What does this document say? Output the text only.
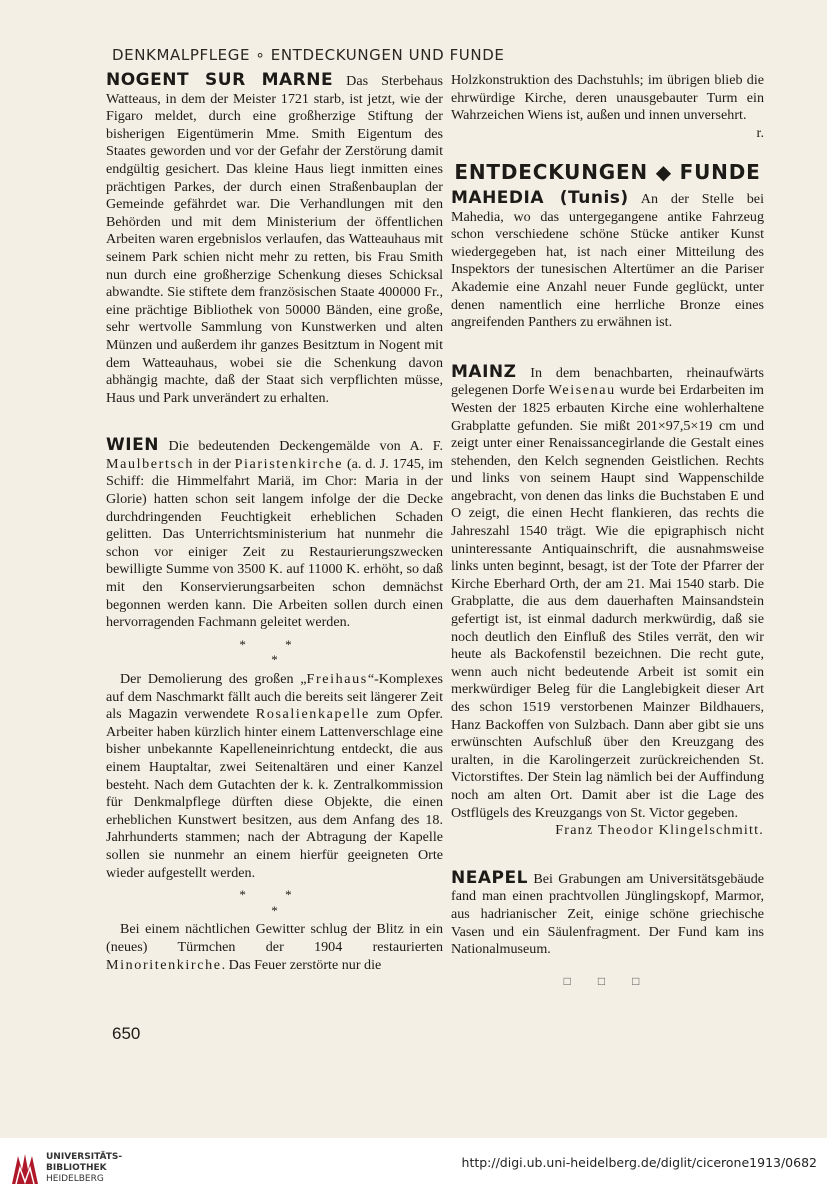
DENKMALPFLEGE ∘ ENTDECKUNGEN UND FUNDE

NOGENT SUR MARNE Das Sterbehaus Watteaus, in dem der Meister 1721 starb, ist jetzt, wie der Figaro meldet, durch eine großherzige Stiftung der bisherigen Eigentümerin Mme. Smith Eigentum des Staates geworden und vor der Gefahr der Zerstörung damit endgültig gesichert. Das kleine Haus liegt inmitten eines prächtigen Parkes, der durch einen Straßenbauplan der Gemeinde gefährdet war. Die Verhandlungen mit den Behörden und mit dem Ministerium der öffentlichen Arbeiten waren ergebnislos verlaufen, das Watteauhaus mit seinem Park schien nicht mehr zu retten, bis Frau Smith nun durch eine großherzige Schenkung dieses Schicksal abwandte. Sie stiftete dem französischen Staate 400000 Fr., eine prächtige Bibliothek von 50000 Bänden, eine große, sehr wertvolle Sammlung von Kunstwerken und alten Münzen und außerdem ihr ganzes Besitztum in Nogent mit dem Watteauhaus, wobei sie die Schenkung davon abhängig machte, daß der Staat sich verpflichten müsse, Haus und Park unverändert zu erhalten.

WIEN Die bedeutenden Deckengemälde von A. F. Maulbertsch in der Piaristenkirche (a. d. J. 1745, im Schiff: die Himmelfahrt Mariä, im Chor: Maria in der Glorie) hatten schon seit langem infolge der die Decke durchdringenden Feuchtigkeit erheblichen Schaden gelitten. Das Unterrichtsministerium hat nunmehr die schon vor einiger Zeit zu Restaurierungszwecken bewilligte Summe von 3500 K. auf 11000 K. erhöht, so daß mit den Konservierungsarbeiten schon demnächst begonnen werden kann. Die Arbeiten sollen durch einen hervorragenden Fachmann geleitet werden.

* *
*

Der Demolierung des großen „Freihaus“-Komplexes auf dem Naschmarkt fällt auch die bereits seit längerer Zeit als Magazin verwendete Rosalienkapelle zum Opfer. Arbeiter haben kürzlich hinter einem Lattenverschlage eine bisher unbekannte Kapelleneinrichtung entdeckt, die aus einem Hauptaltar, zwei Seitenaltären und einer Kanzel besteht. Nach dem Gutachten der k. k. Zentralkommission für Denkmalpflege dürften diese Objekte, die einen erheblichen Kunstwert besitzen, aus dem Anfang des 18. Jahrhunderts stammen; nach der Abtragung der Kapelle sollen sie nunmehr an einem hierfür geeigneten Orte wieder aufgestellt werden.

* *
*

Bei einem nächtlichen Gewitter schlug der Blitz in ein (neues) Türmchen der 1904 restaurierten Minoritenkirche. Das Feuer zerstörte nur die

Holzkonstruktion des Dachstuhls; im übrigen blieb die ehrwürdige Kirche, deren unausgebauter Turm ein Wahrzeichen Wiens ist, außen und innen unversehrt.

r.
ENTDECKUNGEN ◆ FUNDE

MAHEDIA (Tunis) An der Stelle bei Mahedia, wo das untergegangene antike Fahrzeug schon verschiedene schöne Stücke antiker Kunst wiedergegeben hat, ist nach einer Mitteilung des Inspektors der tunesischen Altertümer an die Pariser Akademie eine Anzahl neuer Funde geglückt, unter denen namentlich eine herrliche Bronze eines angreifenden Panthers zu erwähnen ist.

MAINZ In dem benachbarten, rheinaufwärts gelegenen Dorfe Weisenau wurde bei Erdarbeiten im Westen der 1825 erbauten Kirche eine wohlerhaltene Grabplatte gefunden. Sie mißt 201×97,5×19 cm und zeigt unter einer Renaissancegirlande die Gestalt eines stehenden, den Kelch segnenden Geistlichen. Rechts und links von seinem Haupt sind Wappenschilde angebracht, von denen das links die Buchstaben E und O zeigt, die einen Hecht flankieren, das rechts die Jahreszahl 1540 trägt. Wie die epigraphisch nicht uninteressante Antiquainschrift, die ausnahmsweise links unten beginnt, besagt, ist der Tote der Pfarrer der Kirche Eberhard Orth, der am 21. Mai 1540 starb. Die Grabplatte, die aus dem dauerhaften Mainsandstein gefertigt ist, ist einmal dadurch merkwürdig, daß sie noch deutlich den Einfluß des Stiles verrät, den wir heute als Backofenstil bezeichnen. Die recht gute, wenn auch nicht bedeutende Arbeit ist somit ein merkwürdiger Beleg für die Langlebigkeit dieser Art des schon 1519 verstorbenen Mainzer Bildhauers, Hanz Backoffen von Sulzbach. Dann aber gibt sie uns erwünschten Aufschluß über den Kreuzgang des uralten, in die Karolingerzeit zurückreichenden St. Victorstiftes. Der Stein lag nämlich bei der Auffindung noch am alten Ort. Damit aber ist die Lage des Ostflügels des Kreuzgangs von St. Victor gegeben.

Franz Theodor Klingelschmitt.

NEAPEL Bei Grabungen am Universitätsgebäude fand man einen prachtvollen Jünglingskopf, Marmor, aus hadrianischer Zeit, einige schöne griechische Vasen und ein Säulenfragment. Der Fund kam ins Nationalmuseum.

□ □ □
650
UNIVERSITÄTS-
BIBLIOTHEK
HEIDELBERG
http://digi.ub.uni-heidelberg.de/diglit/cicerone1913/0682
